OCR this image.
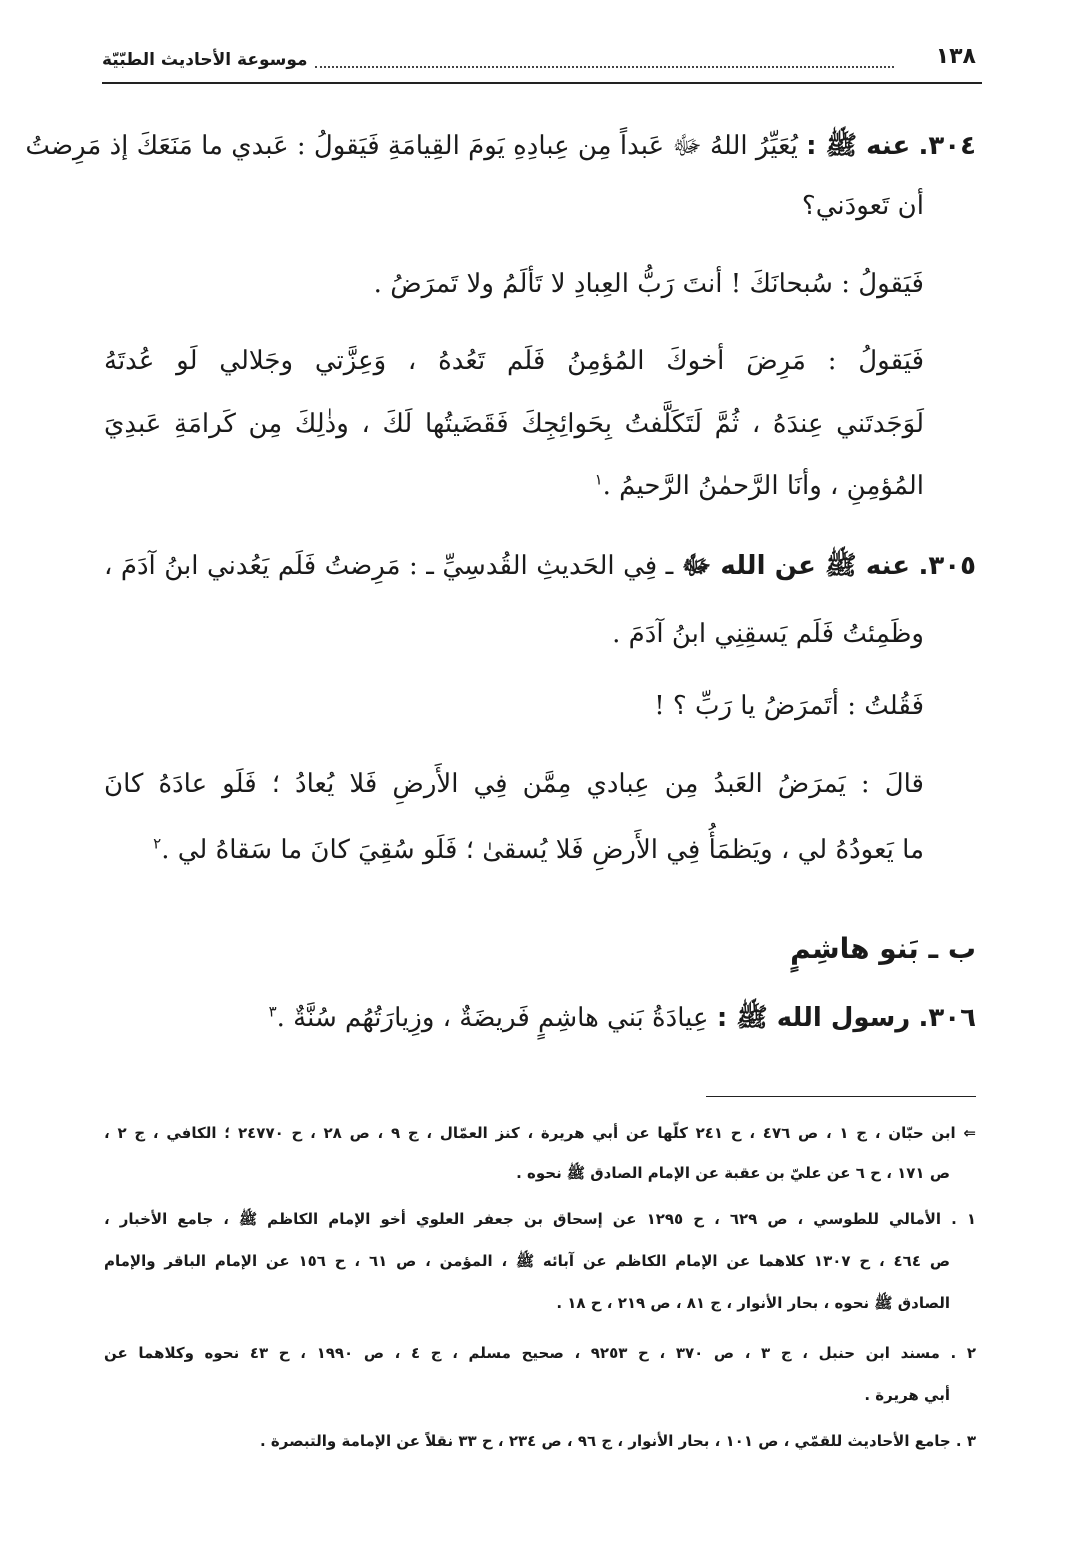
١٣٨
موسوعة الأحاديث الطبّيّة
٣٠٤. عنه ﷺ : يُعَيِّرُ اللهُ ﷻ عَبداً مِن عِبادِهِ يَومَ القِيامَةِ فَيَقولُ : عَبدي ما مَنَعَكَ إذ مَرِضتُ
أن تَعودَني؟
فَيَقولُ : سُبحانَكَ ! أنتَ رَبُّ العِبادِ لا تَألَمُ ولا تَمرَضُ .
فَيَقولُ : مَرِضَ أخوكَ المُؤمِنُ فَلَم تَعُدهُ ، وَعِزَّتي وجَلالي لَو عُدتَهُ
لَوَجَدتَني عِندَهُ ، ثُمَّ لَتَكَلَّفتُ بِحَوائِجِكَ فَقَضَيتُها لَكَ ، وذٰلِكَ مِن كَرامَةِ عَبدِيَ
المُؤمِنِ ، وأنَا الرَّحمٰنُ الرَّحيمُ .$^١$
٣٠٥. عنه ﷺ عن الله ﷻ ـ فِي الحَديثِ القُدسِيِّ ـ : مَرِضتُ فَلَم يَعُدني ابنُ آدَمَ ،
وظَمِئتُ فَلَم يَسقِنِي ابنُ آدَمَ .
فَقُلتُ : أتَمرَضُ يا رَبِّ ؟ !
قالَ : يَمرَضُ العَبدُ مِن عِبادي مِمَّن فِي الأَرضِ فَلا يُعادُ ؛ فَلَو عادَهُ كانَ
ما يَعودُهُ لي ، ويَظمَأُ فِي الأَرضِ فَلا يُسقىٰ ؛ فَلَو سُقِيَ كانَ ما سَقاهُ لي .$^٢$
ب ـ بَنو هاشِمٍ
٣٠٦. رسول الله ﷺ : عِيادَةُ بَني هاشِمٍ فَريضَةٌ ، وزِيارَتُهُم سُنَّةٌ .$^٣$
⇐ ابن حبّان ، ج ١ ، ص ٤٧٦ ، ح ٢٤١ كلّها عن أبي هريرة ، كنز العمّال ، ج ٩ ، ص ٢٨ ، ح ٢٤٧٧٠ ؛ الكافي ، ج ٢ ،
ص ١٧١ ، ح ٦ عن عليّ بن عقبة عن الإمام الصادق ﷺ نحوه .
١ . الأمالي للطوسي ، ص ٦٢٩ ، ح ١٢٩٥ عن إسحاق بن جعفر العلوي أخو الإمام الكاظم ﷺ ، جامع الأخبار ،
ص ٤٦٤ ، ح ١٣٠٧ كلاهما عن الإمام الكاظم عن آبائه ﷺ ، المؤمن ، ص ٦١ ، ح ١٥٦ عن الإمام الباقر والإمام
الصادق ﷺ نحوه ، بحار الأنوار ، ج ٨١ ، ص ٢١٩ ، ح ١٨ .
٢ . مسند ابن حنبل ، ج ٣ ، ص ٣٧٠ ، ح ٩٢٥٣ ، صحيح مسلم ، ج ٤ ، ص ١٩٩٠ ، ح ٤٣ نحوه وكلاهما عن
أبي هريرة .
٣ . جامع الأحاديث للقمّي ، ص ١٠١ ، بحار الأنوار ، ج ٩٦ ، ص ٢٣٤ ، ح ٣٣ نقلاً عن الإمامة والتبصرة .
